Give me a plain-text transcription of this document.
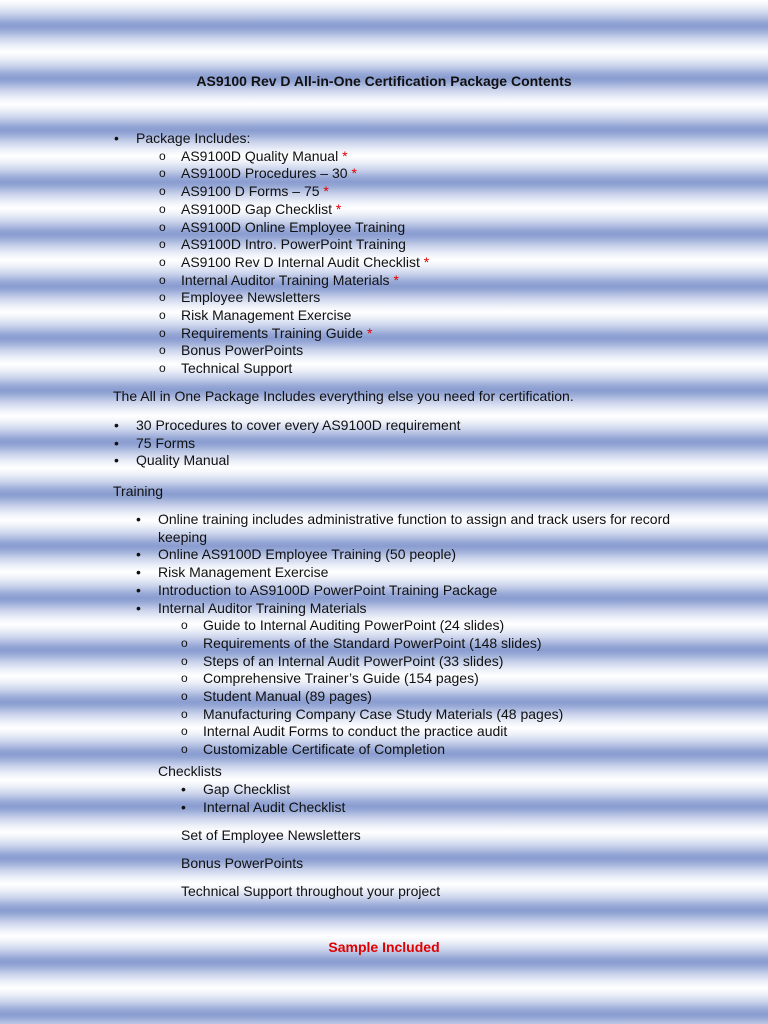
AS9100 Rev D All-in-One Certification Package Contents
• Package Includes:
o AS9100D Quality Manual *
o AS9100D Procedures – 30 *
o AS9100 D Forms – 75 *
o AS9100D Gap Checklist *
o AS9100D Online Employee Training
o AS9100D Intro. PowerPoint Training
o AS9100 Rev D Internal Audit Checklist *
o Internal Auditor Training Materials *
o Employee Newsletters
o Risk Management Exercise
o Requirements Training Guide *
o Bonus PowerPoints
o Technical Support
The All in One Package Includes everything else you need for certification.
• 30 Procedures to cover every AS9100D requirement
• 75 Forms
• Quality Manual
Training
• Online training includes administrative function to assign and track users for record keeping
• Online AS9100D Employee Training (50 people)
• Risk Management Exercise
• Introduction to AS9100D PowerPoint Training Package
• Internal Auditor Training Materials
o Guide to Internal Auditing PowerPoint (24 slides)
o Requirements of the Standard PowerPoint (148 slides)
o Steps of an Internal Audit PowerPoint (33 slides)
o Comprehensive Trainer’s Guide (154 pages)
o Student Manual (89 pages)
o Manufacturing Company Case Study Materials (48 pages)
o Internal Audit Forms to conduct the practice audit
o Customizable Certificate of Completion
Checklists
• Gap Checklist
• Internal Audit Checklist
Set of Employee Newsletters
Bonus PowerPoints
Technical Support throughout your project
Sample Included
